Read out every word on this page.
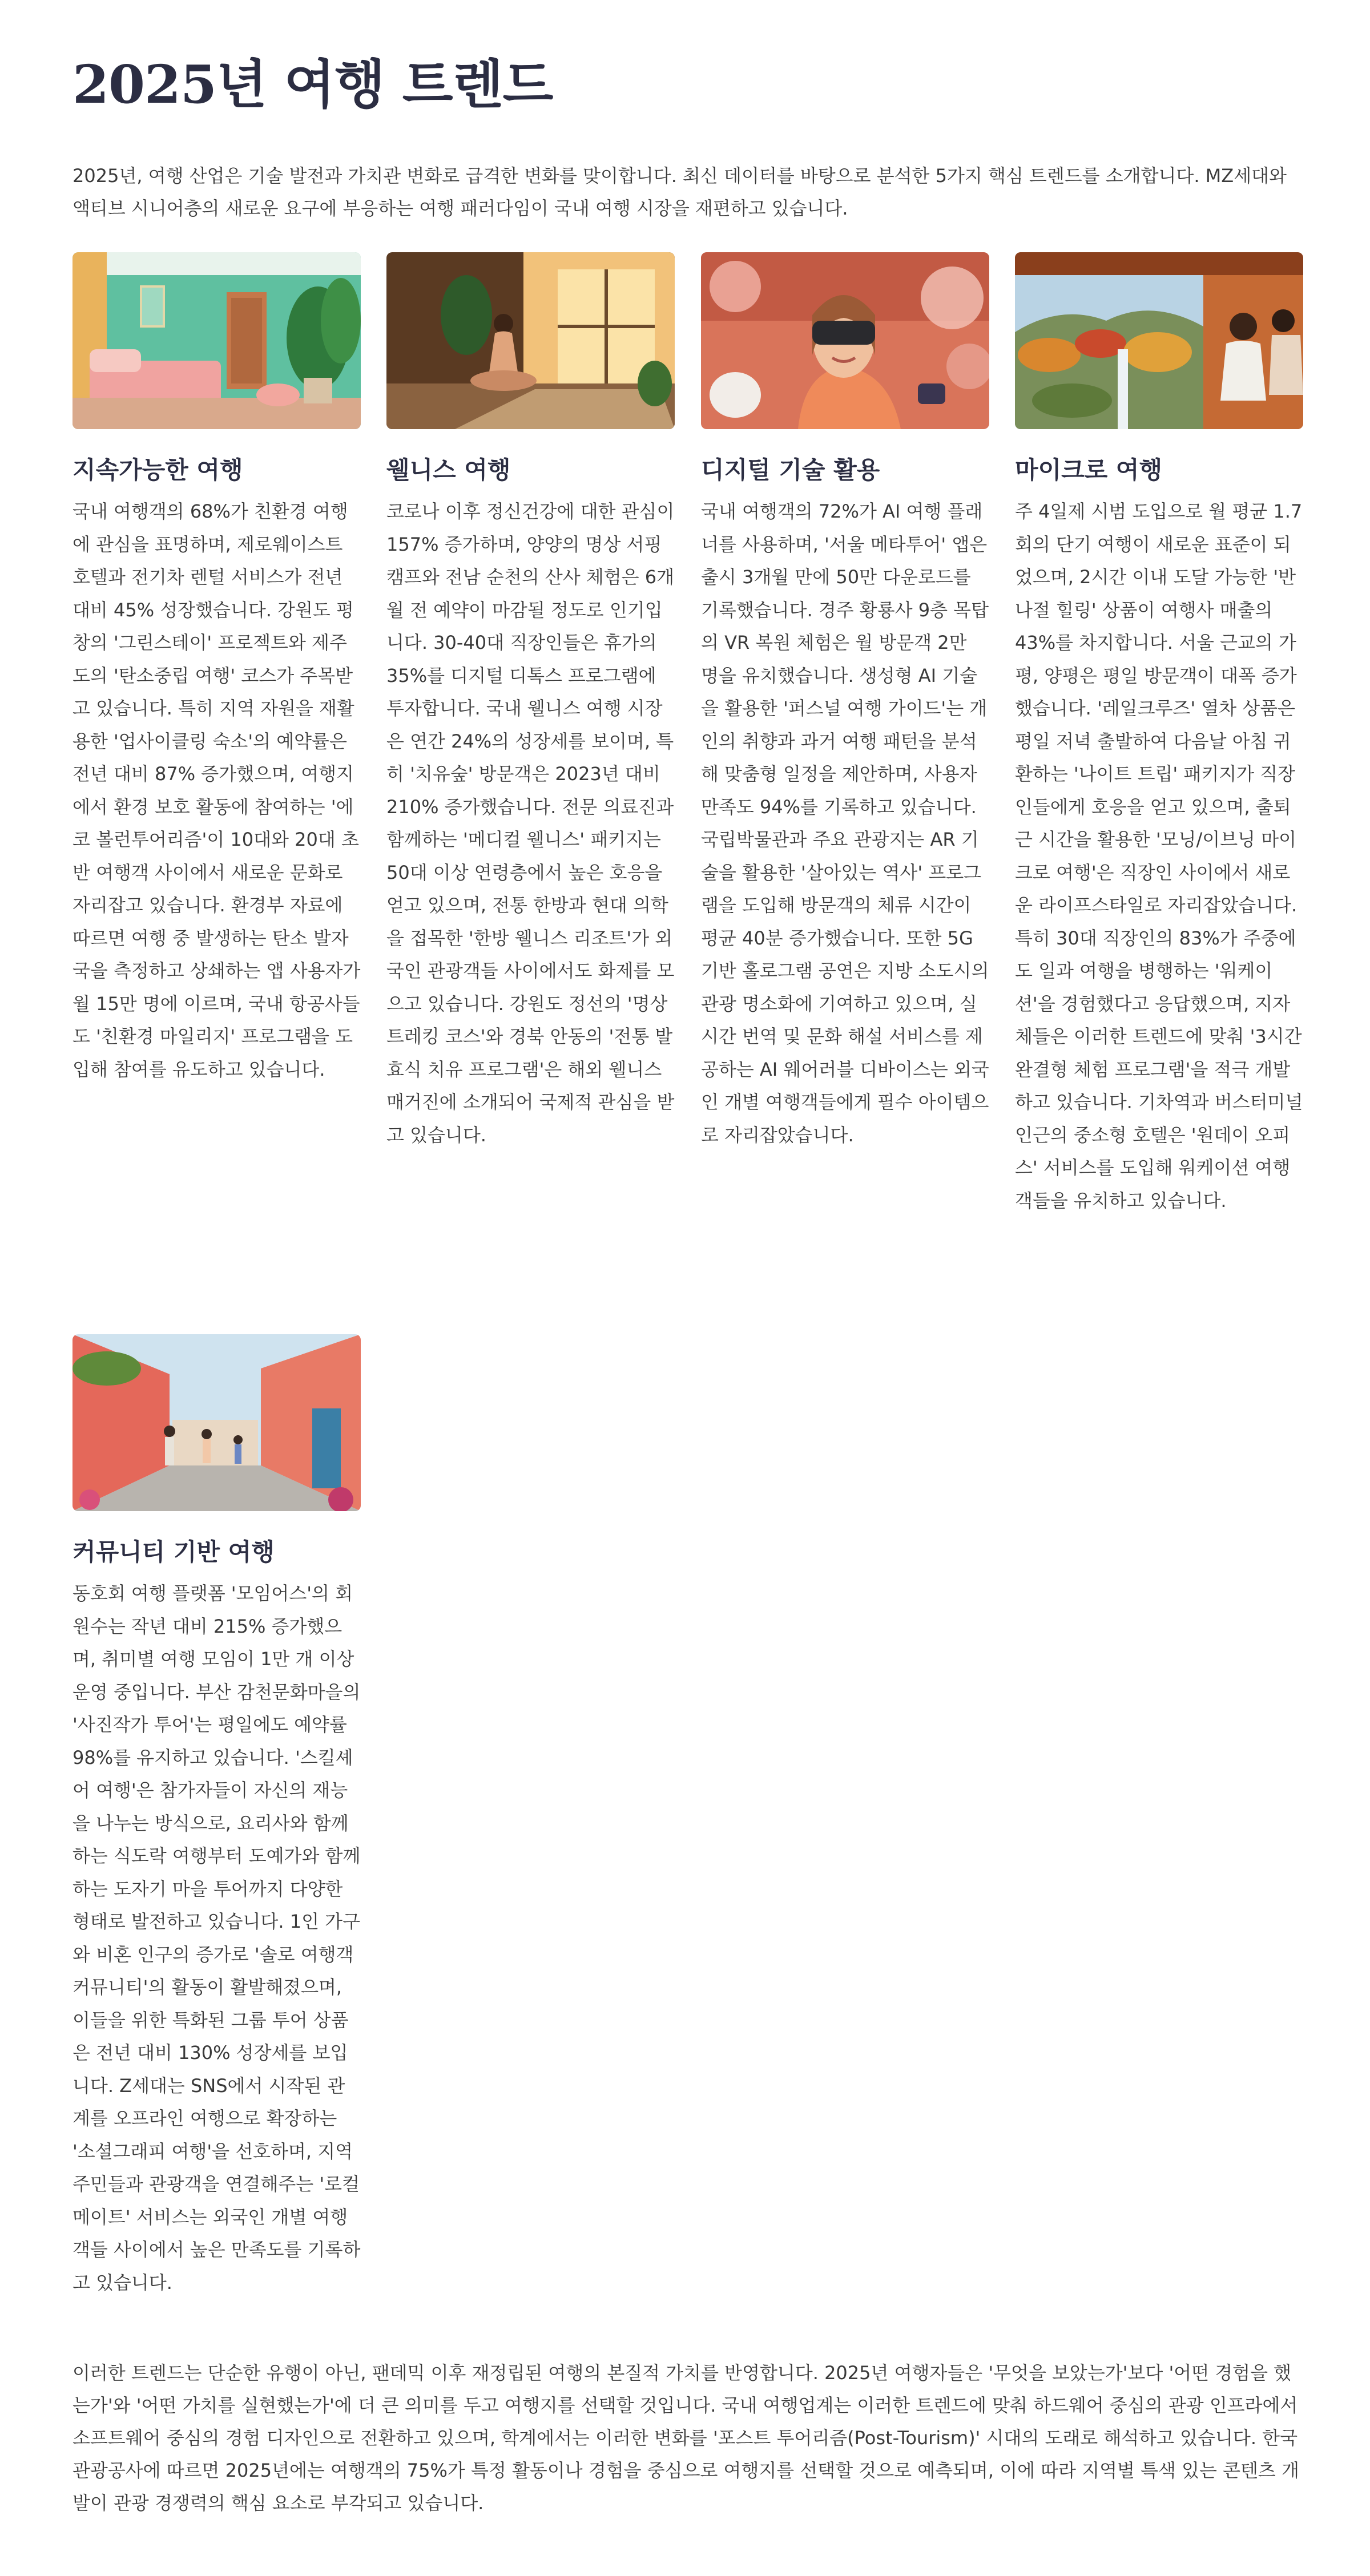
2025년 여행 트렌드

2025년, 여행 산업은 기술 발전과 가치관 변화로 급격한 변화를 맞이합니다. 최신 데이터를 바탕으로 분석한 5가지 핵심 트렌드를 소개합니다. MZ세대와 액티브 시니어층의 새로운 요구에 부응하는 여행 패러다임이 국내 여행 시장을 재편하고 있습니다.

지속가능한 여행

국내 여행객의 68%가 친환경 여행에 관심을 표명하며, 제로웨이스트 호텔과 전기차 렌털 서비스가 전년 대비 45% 성장했습니다. 강원도 평창의 '그린스테이' 프로젝트와 제주도의 '탄소중립 여행' 코스가 주목받고 있습니다. 특히 지역 자원을 재활용한 '업사이클링 숙소'의 예약률은 전년 대비 87% 증가했으며, 여행지에서 환경 보호 활동에 참여하는 '에코 볼런투어리즘'이 10대와 20대 초반 여행객 사이에서 새로운 문화로 자리잡고 있습니다. 환경부 자료에 따르면 여행 중 발생하는 탄소 발자국을 측정하고 상쇄하는 앱 사용자가 월 15만 명에 이르며, 국내 항공사들도 '친환경 마일리지' 프로그램을 도입해 참여를 유도하고 있습니다.

웰니스 여행

코로나 이후 정신건강에 대한 관심이 157% 증가하며, 양양의 명상 서핑 캠프와 전남 순천의 산사 체험은 6개월 전 예약이 마감될 정도로 인기입니다. 30-40대 직장인들은 휴가의 35%를 디지털 디톡스 프로그램에 투자합니다. 국내 웰니스 여행 시장은 연간 24%의 성장세를 보이며, 특히 '치유숲' 방문객은 2023년 대비 210% 증가했습니다. 전문 의료진과 함께하는 '메디컬 웰니스' 패키지는 50대 이상 연령층에서 높은 호응을 얻고 있으며, 전통 한방과 현대 의학을 접목한 '한방 웰니스 리조트'가 외국인 관광객들 사이에서도 화제를 모으고 있습니다. 강원도 정선의 '명상 트레킹 코스'와 경북 안동의 '전통 발효식 치유 프로그램'은 해외 웰니스 매거진에 소개되어 국제적 관심을 받고 있습니다.

디지털 기술 활용

국내 여행객의 72%가 AI 여행 플래너를 사용하며, '서울 메타투어' 앱은 출시 3개월 만에 50만 다운로드를 기록했습니다. 경주 황룡사 9층 목탑의 VR 복원 체험은 월 방문객 2만 명을 유치했습니다. 생성형 AI 기술을 활용한 '퍼스널 여행 가이드'는 개인의 취향과 과거 여행 패턴을 분석해 맞춤형 일정을 제안하며, 사용자 만족도 94%를 기록하고 있습니다. 국립박물관과 주요 관광지는 AR 기술을 활용한 '살아있는 역사' 프로그램을 도입해 방문객의 체류 시간이 평균 40분 증가했습니다. 또한 5G 기반 홀로그램 공연은 지방 소도시의 관광 명소화에 기여하고 있으며, 실시간 번역 및 문화 해설 서비스를 제공하는 AI 웨어러블 디바이스는 외국인 개별 여행객들에게 필수 아이템으로 자리잡았습니다.

마이크로 여행

주 4일제 시범 도입으로 월 평균 1.7회의 단기 여행이 새로운 표준이 되었으며, 2시간 이내 도달 가능한 '반나절 힐링' 상품이 여행사 매출의 43%를 차지합니다. 서울 근교의 가평, 양평은 평일 방문객이 대폭 증가했습니다. '레일크루즈' 열차 상품은 평일 저녁 출발하여 다음날 아침 귀환하는 '나이트 트립' 패키지가 직장인들에게 호응을 얻고 있으며, 출퇴근 시간을 활용한 '모닝/이브닝 마이크로 여행'은 직장인 사이에서 새로운 라이프스타일로 자리잡았습니다. 특히 30대 직장인의 83%가 주중에도 일과 여행을 병행하는 '워케이션'을 경험했다고 응답했으며, 지자체들은 이러한 트렌드에 맞춰 '3시간 완결형 체험 프로그램'을 적극 개발하고 있습니다. 기차역과 버스터미널 인근의 중소형 호텔은 '원데이 오피스' 서비스를 도입해 워케이션 여행객들을 유치하고 있습니다.

커뮤니티 기반 여행

동호회 여행 플랫폼 '모임어스'의 회원수는 작년 대비 215% 증가했으며, 취미별 여행 모임이 1만 개 이상 운영 중입니다. 부산 감천문화마을의 '사진작가 투어'는 평일에도 예약률 98%를 유지하고 있습니다. '스킬셰어 여행'은 참가자들이 자신의 재능을 나누는 방식으로, 요리사와 함께하는 식도락 여행부터 도예가와 함께하는 도자기 마을 투어까지 다양한 형태로 발전하고 있습니다. 1인 가구와 비혼 인구의 증가로 '솔로 여행객 커뮤니티'의 활동이 활발해졌으며, 이들을 위한 특화된 그룹 투어 상품은 전년 대비 130% 성장세를 보입니다. Z세대는 SNS에서 시작된 관계를 오프라인 여행으로 확장하는 '소셜그래피 여행'을 선호하며, 지역 주민들과 관광객을 연결해주는 '로컬메이트' 서비스는 외국인 개별 여행객들 사이에서 높은 만족도를 기록하고 있습니다.

이러한 트렌드는 단순한 유행이 아닌, 팬데믹 이후 재정립된 여행의 본질적 가치를 반영합니다. 2025년 여행자들은 '무엇을 보았는가'보다 '어떤 경험을 했는가'와 '어떤 가치를 실현했는가'에 더 큰 의미를 두고 여행지를 선택할 것입니다. 국내 여행업계는 이러한 트렌드에 맞춰 하드웨어 중심의 관광 인프라에서 소프트웨어 중심의 경험 디자인으로 전환하고 있으며, 학계에서는 이러한 변화를 '포스트 투어리즘(Post-Tourism)' 시대의 도래로 해석하고 있습니다. 한국관광공사에 따르면 2025년에는 여행객의 75%가 특정 활동이나 경험을 중심으로 여행지를 선택할 것으로 예측되며, 이에 따라 지역별 특색 있는 콘텐츠 개발이 관광 경쟁력의 핵심 요소로 부각되고 있습니다.
